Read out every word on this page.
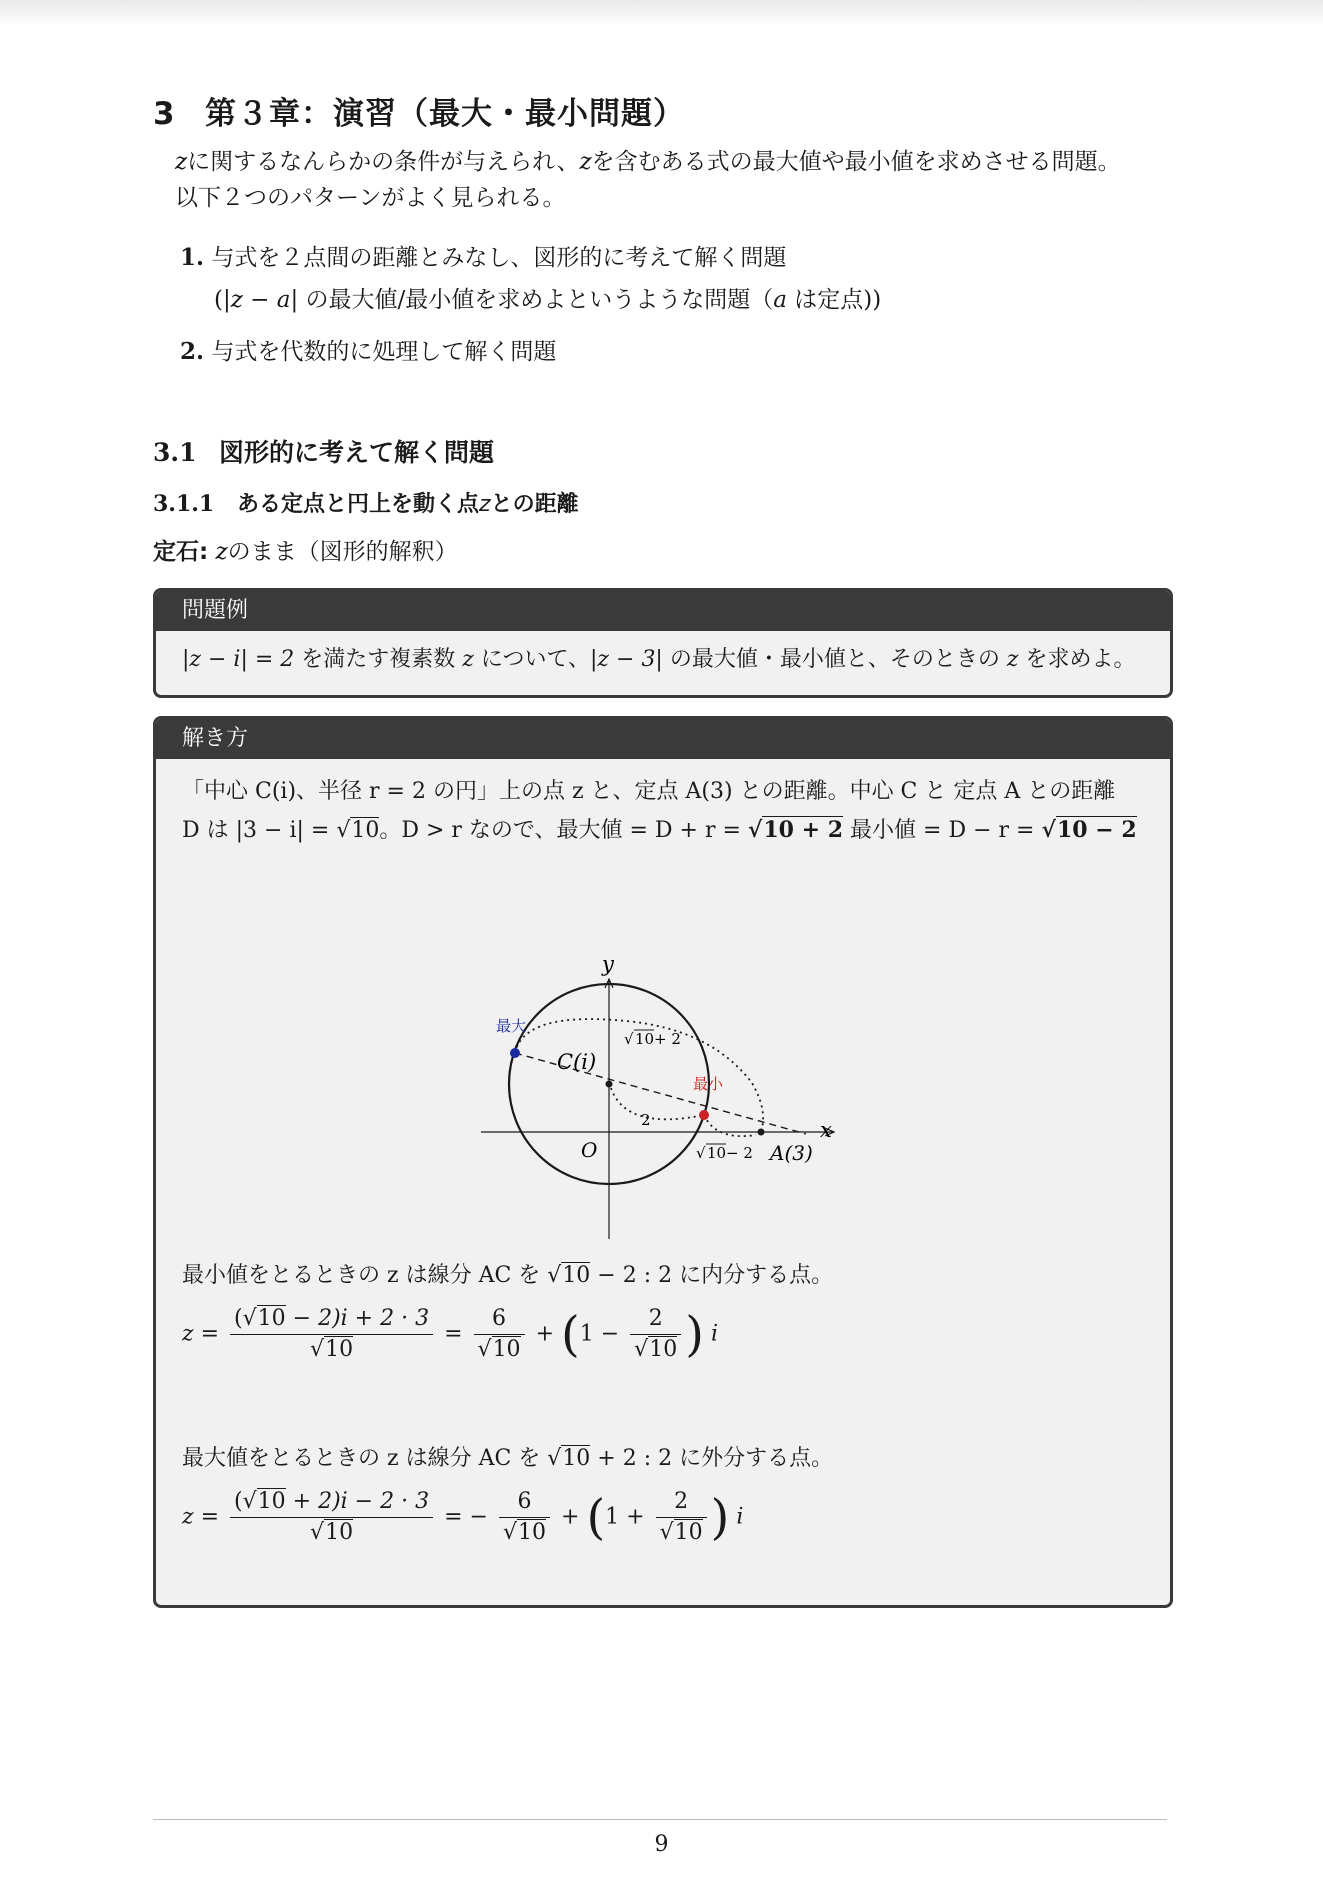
3 第３章：演習（最大・最小問題）
zに関するなんらかの条件が与えられ、zを含むある式の最大値や最小値を求めさせる問題。
以下２つのパターンがよく見られる。
1. 与式を２点間の距離とみなし、図形的に考えて解く問題
(|z − a| の最大値/最小値を求めよというような問題（a は定点))
2. 与式を代数的に処理して解く問題
3.1 図形的に考えて解く問題
3.1.1 ある定点と円上を動く点zとの距離
定石: zのまま（図形的解釈）
問題例
|z − i| = 2 を満たす複素数 z について、|z − 3| の最大値・最小値と、そのときの z を求めよ。
解き方
「中心 C(i)、半径 r = 2 の円」上の点 z と、定点 A(3) との距離。中心 C と 定点 A との距離
D は |3 − i| = √10。D > r なので、最大値 = D + r = √10 + 2 最小値 = D − r = √10 − 2
y
x
O
C(i)
A(3)
最大
最小
2
√ 10 + 2
√ 10 − 2
最小値をとるときの z は線分 AC を √10 − 2 : 2 に内分する点。
$z = \frac{(√10 - 2)i + 2 \cdot 3}{√10} = \frac{6}{√10} + (1 - \frac{2}{√10}$ ) i
最大値をとるときの z は線分 AC を √10 + 2 : 2 に外分する点。
$z = \frac{(√10 + 2)i - 2 \cdot 3}{√10}$ = − $\frac{6}{√10} + (1 + \frac{2}{√10}$ ) i
9
